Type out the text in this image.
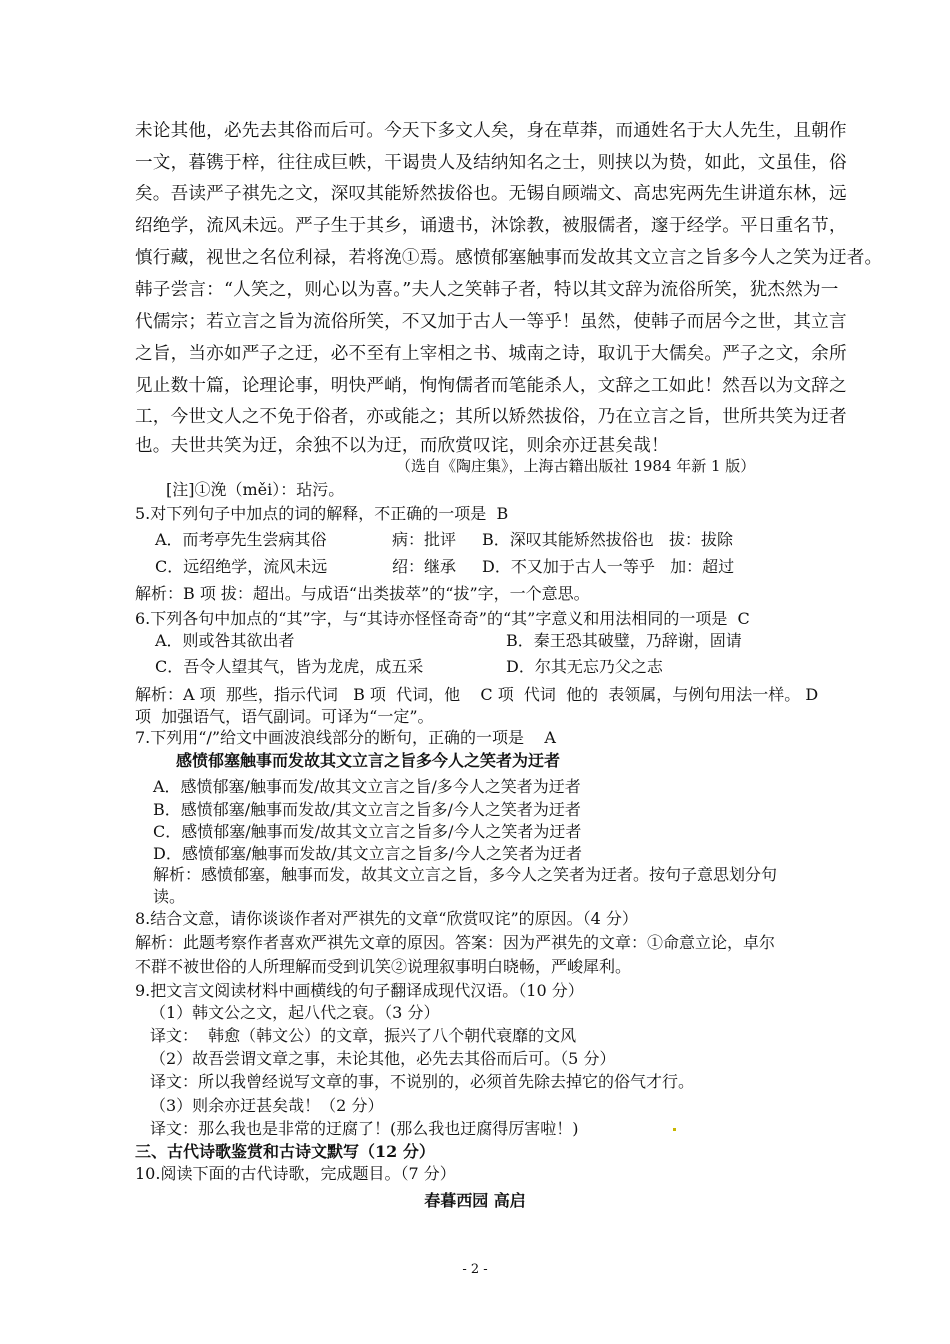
未论其他，必先去其俗而后可。今天下多文人矣，身在草莽，而通姓名于大人先生，且朝作
一文，暮镌于梓，往往成巨帙，干谒贵人及结纳知名之士，则挟以为贽，如此，文虽佳，俗
矣。吾读严子祺先之文，深叹其能矫然拔俗也。无锡自顾端文、高忠宪两先生讲道东林，远
绍绝学，流风未远。严子生于其乡，诵遗书，沐馀教，被服儒者，邃于经学。平日重名节，
慎行藏，视世之名位利禄，若将浼①焉。感愤郁塞触事而发故其文立言之旨多今人之笑为迂者。
韩子尝言：“人笑之，则心以为喜。”夫人之笑韩子者，特以其文辞为流俗所笑，犹杰然为一
代儒宗；若立言之旨为流俗所笑，不又加于古人一等乎！虽然，使韩子而居今之世，其立言
之旨，当亦如严子之迂，必不至有上宰相之书、城南之诗，取讥于大儒矣。严子之文，余所
见止数十篇，论理论事，明快严峭，恂恂儒者而笔能杀人，文辞之工如此！然吾以为文辞之
工，今世文人之不免于俗者，亦或能之；其所以矫然拔俗，乃在立言之旨，世所共笑为迂者
也。夫世共笑为迂，余独不以为迂，而欣赏叹诧，则余亦迂甚矣哉！
（选自《陶庄集》，上海古籍出版社 1984 年新 1 版）
[注]①浼（měi）：玷污。
5.对下列句子中加点的词的解释，不正确的一项是  B
A．而考亭先生尝病其俗	病：批评 B．深叹其能矫然拔俗也   拔：拔除
C．远绍绝学，流风未远	绍：继承 D．不又加于古人一等乎   加：超过
解析：B 项 拔：超出。与成语“出类拔萃”的“拔”字，一个意思。
6.下列各句中加点的“其”字，与“其诗亦怪怪奇奇”的“其”字意义和用法相同的一项是  C
A．则或咎其欲出者	B．秦王恐其破璧，乃辞谢，固请
C．吾令人望其气，皆为龙虎，成五采	D．尔其无忘乃父之志
解析：A 项  那些，指示代词   B 项  代词，他    C 项  代词  他的  表领属，与例句用法一样。 D
项  加强语气，语气副词。可译为“一定”。
7.下列用“/”给文中画波浪线部分的断句，正确的一项是    A
感愤郁塞触事而发故其文立言之旨多今人之笑者为迂者
A．感愤郁塞/触事而发/故其文立言之旨/多今人之笑者为迂者
B．感愤郁塞/触事而发故/其文立言之旨多/今人之笑者为迂者
C．感愤郁塞/触事而发/故其文立言之旨多/今人之笑者为迂者
D．感愤郁塞/触事而发故/其文立言之旨多/今人之笑者为迂者
解析：感愤郁塞，触事而发，故其文立言之旨，多今人之笑者为迂者。按句子意思划分句
读。
8.结合文意，请你谈谈作者对严祺先的文章“欣赏叹诧”的原因。（4 分）
解析：此题考察作者喜欢严祺先文章的原因。答案：因为严祺先的文章：①命意立论，卓尔
不群不被世俗的人所理解而受到讥笑②说理叙事明白晓畅，严峻犀利。
9.把文言文阅读材料中画横线的句子翻译成现代汉语。（10 分）
（1）韩文公之文，起八代之衰。（3 分）
译文：  韩愈（韩文公）的文章，振兴了八个朝代衰靡的文风
（2）故吾尝谓文章之事，未论其他，必先去其俗而后可。（5 分）
译文：所以我曾经说写文章的事，不说别的，必须首先除去掉它的俗气才行。
（3）则余亦迂甚矣哉！（2 分）
译文：那么我也是非常的迂腐了！(那么我也迂腐得厉害啦！)
三、古代诗歌鉴赏和古诗文默写（12 分）
10.阅读下面的古代诗歌，完成题目。（7 分）
春暮西园 高启
- 2 -
